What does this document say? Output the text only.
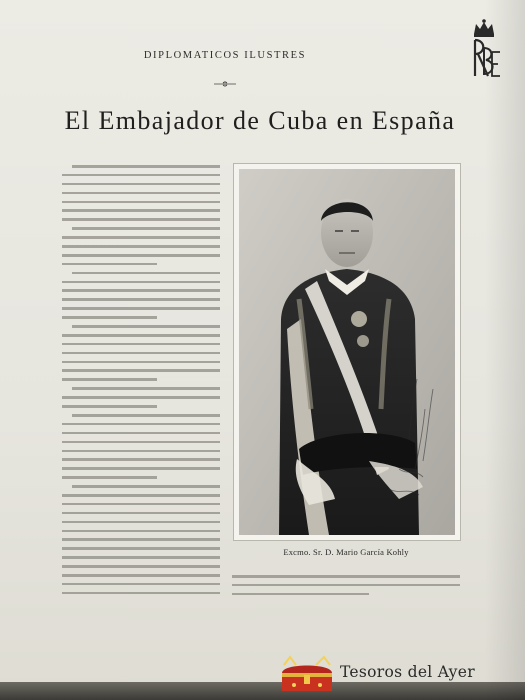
DIPLOMATICOS ILUSTRES
El Embajador de Cuba en España
Excmo. Sr. D. Mario García Kohly
Tesoros del Ayer
